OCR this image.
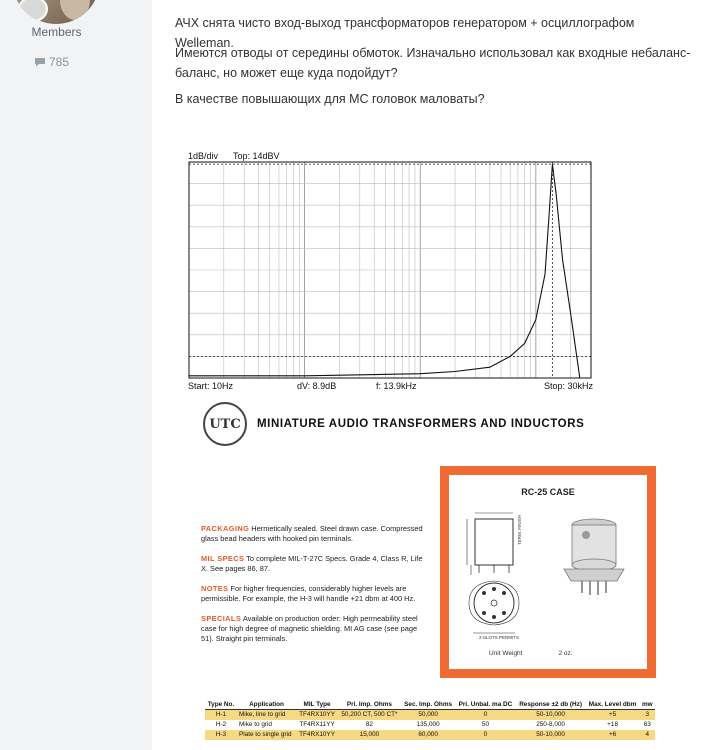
Members
785

АЧХ снята чисто вход-выход трансформаторов генератором + осциллографом Welleman.

Имеются отводы от середины обмоток. Изначально использовал как входные небаланс-баланс, но может еще куда подойдут?

В качестве повышающих для МС головок маловаты?

1dB/div Top: 14dBV
Start: 10Hz	dV: 8.9dB	f: 13.9kHz	Stop: 30kHz
UTC	MINIATURE AUDIO TRANSFORMERS AND INDUCTORS

PACKAGING Hermetically sealed. Steel drawn case. Compressed glass bead headers with hooked pin terminals.

MIL SPECS To complete MIL-T-27C Specs. Grade 4, Class R, Life X. See pages 86, 87.

NOTES For higher frequencies, considerably higher levels are permissible. For example, the H-3 will handle +21 dbm at 400 Hz.

SPECIALS Available on production order: High permeability steel case for high degree of magnetic shielding. MI AG case (see page 51). Straight pin terminals.

RC-25 CASE
TERM. FINISH
2-SLOTS PERMITS
Unit Weight	2 oz.
Type No.	Application	MIL Type	Pri. Imp. Ohms	Sec. Imp. Ohms	Pri. Unbal. ma DC	Response ±2 db (Hz)	Max. Level dbm	mw
H-1	Mike, line to grid	TF4RX10YY	50,200 CT, 500 CT*	50,000	0	50-10,000	+5	3
H-2	Mike to grid	TF4RX11YY	82	135,000	50	250-8,000	+18	63
H-3	Plate to single grid	TF4RX10YY	15,000	60,000	0	50-10,000	+6	4
